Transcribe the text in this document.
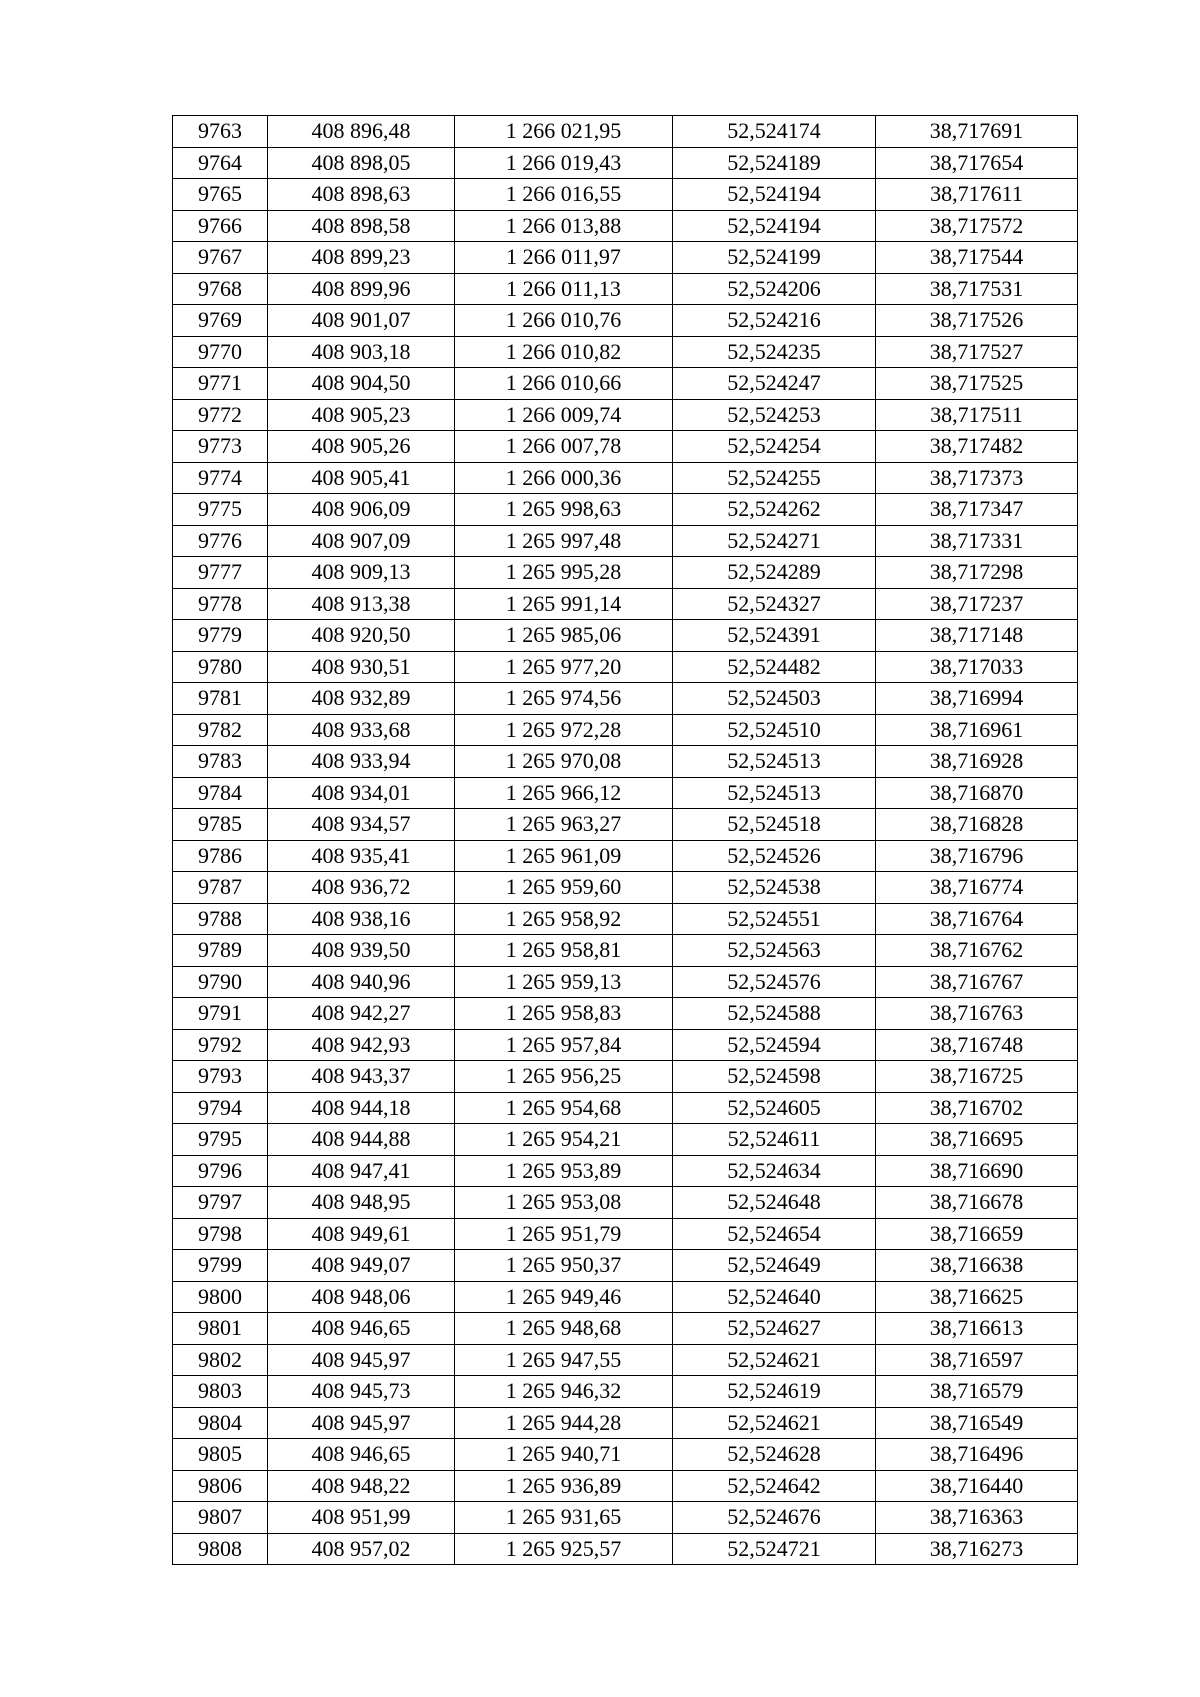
9763	408 896,48	1 266 021,95	52,524174	38,717691
9764	408 898,05	1 266 019,43	52,524189	38,717654
9765	408 898,63	1 266 016,55	52,524194	38,717611
9766	408 898,58	1 266 013,88	52,524194	38,717572
9767	408 899,23	1 266 011,97	52,524199	38,717544
9768	408 899,96	1 266 011,13	52,524206	38,717531
9769	408 901,07	1 266 010,76	52,524216	38,717526
9770	408 903,18	1 266 010,82	52,524235	38,717527
9771	408 904,50	1 266 010,66	52,524247	38,717525
9772	408 905,23	1 266 009,74	52,524253	38,717511
9773	408 905,26	1 266 007,78	52,524254	38,717482
9774	408 905,41	1 266 000,36	52,524255	38,717373
9775	408 906,09	1 265 998,63	52,524262	38,717347
9776	408 907,09	1 265 997,48	52,524271	38,717331
9777	408 909,13	1 265 995,28	52,524289	38,717298
9778	408 913,38	1 265 991,14	52,524327	38,717237
9779	408 920,50	1 265 985,06	52,524391	38,717148
9780	408 930,51	1 265 977,20	52,524482	38,717033
9781	408 932,89	1 265 974,56	52,524503	38,716994
9782	408 933,68	1 265 972,28	52,524510	38,716961
9783	408 933,94	1 265 970,08	52,524513	38,716928
9784	408 934,01	1 265 966,12	52,524513	38,716870
9785	408 934,57	1 265 963,27	52,524518	38,716828
9786	408 935,41	1 265 961,09	52,524526	38,716796
9787	408 936,72	1 265 959,60	52,524538	38,716774
9788	408 938,16	1 265 958,92	52,524551	38,716764
9789	408 939,50	1 265 958,81	52,524563	38,716762
9790	408 940,96	1 265 959,13	52,524576	38,716767
9791	408 942,27	1 265 958,83	52,524588	38,716763
9792	408 942,93	1 265 957,84	52,524594	38,716748
9793	408 943,37	1 265 956,25	52,524598	38,716725
9794	408 944,18	1 265 954,68	52,524605	38,716702
9795	408 944,88	1 265 954,21	52,524611	38,716695
9796	408 947,41	1 265 953,89	52,524634	38,716690
9797	408 948,95	1 265 953,08	52,524648	38,716678
9798	408 949,61	1 265 951,79	52,524654	38,716659
9799	408 949,07	1 265 950,37	52,524649	38,716638
9800	408 948,06	1 265 949,46	52,524640	38,716625
9801	408 946,65	1 265 948,68	52,524627	38,716613
9802	408 945,97	1 265 947,55	52,524621	38,716597
9803	408 945,73	1 265 946,32	52,524619	38,716579
9804	408 945,97	1 265 944,28	52,524621	38,716549
9805	408 946,65	1 265 940,71	52,524628	38,716496
9806	408 948,22	1 265 936,89	52,524642	38,716440
9807	408 951,99	1 265 931,65	52,524676	38,716363
9808	408 957,02	1 265 925,57	52,524721	38,716273
